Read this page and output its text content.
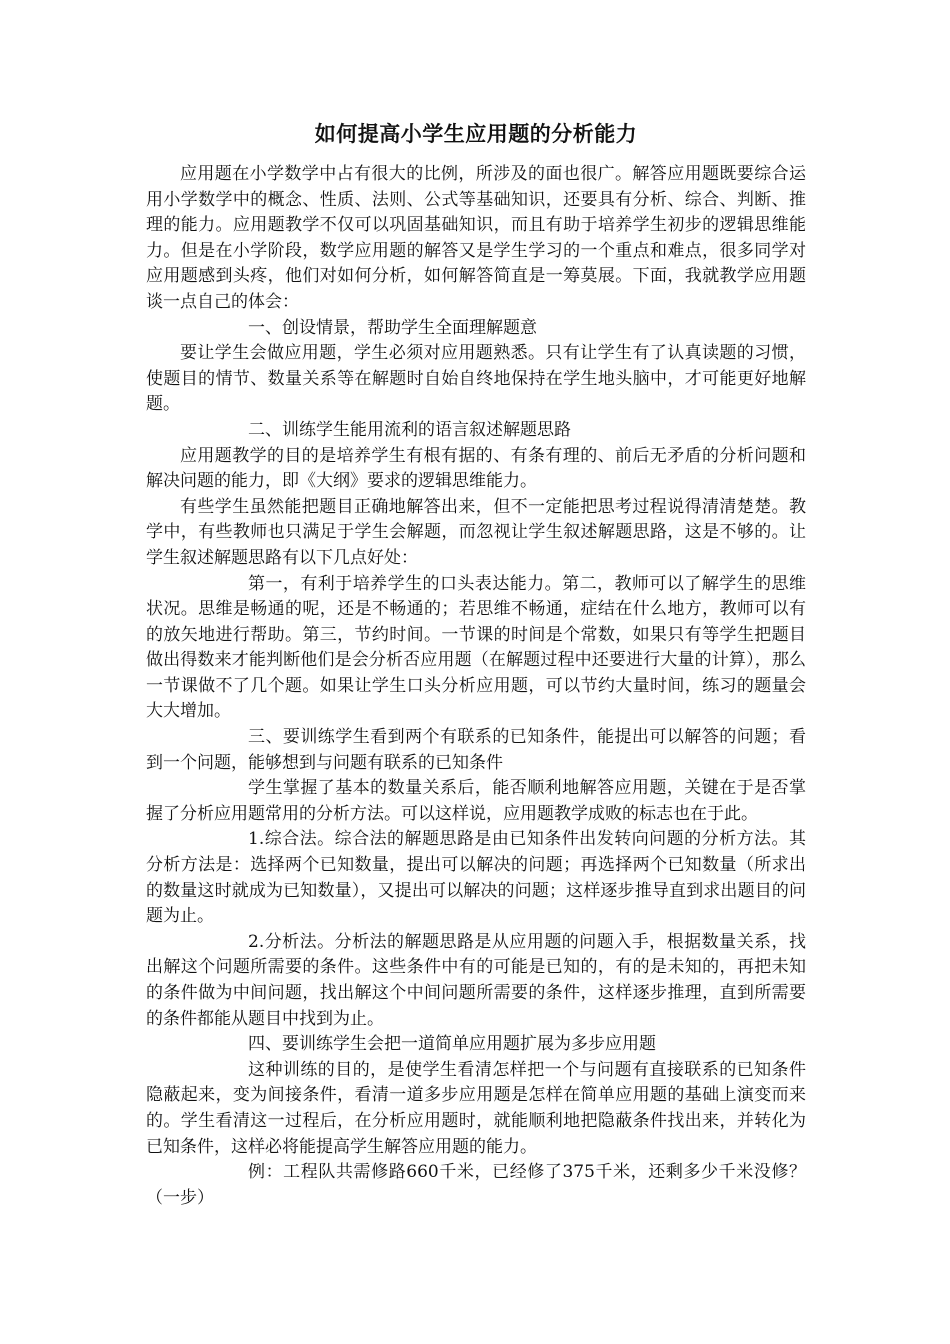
如何提高小学生应用题的分析能力

应用题在小学数学中占有很大的比例，所涉及的面也很广。解答应用题既要综合运用小学数学中的概念、性质、法则、公式等基础知识，还要具有分析、综合、判断、推理的能力。应用题教学不仅可以巩固基础知识，而且有助于培养学生初步的逻辑思维能力。但是在小学阶段，数学应用题的解答又是学生学习的一个重点和难点，很多同学对应用题感到头疼，他们对如何分析，如何解答简直是一筹莫展。下面，我就教学应用题谈一点自己的体会：

一、创设情景，帮助学生全面理解题意

要让学生会做应用题，学生必须对应用题熟悉。只有让学生有了认真读题的习惯，使题目的情节、数量关系等在解题时自始自终地保持在学生地头脑中，才可能更好地解题。

二、训练学生能用流利的语言叙述解题思路

应用题教学的目的是培养学生有根有据的、有条有理的、前后无矛盾的分析问题和解决问题的能力，即《大纲》要求的逻辑思维能力。

有些学生虽然能把题目正确地解答出来，但不一定能把思考过程说得清清楚楚。教学中，有些教师也只满足于学生会解题，而忽视让学生叙述解题思路，这是不够的。让学生叙述解题思路有以下几点好处：

第一，有利于培养学生的口头表达能力。第二，教师可以了解学生的思维状况。思维是畅通的呢，还是不畅通的；若思维不畅通，症结在什么地方，教师可以有的放矢地进行帮助。第三，节约时间。一节课的时间是个常数，如果只有等学生把题目做出得数来才能判断他们是会分析否应用题（在解题过程中还要进行大量的计算），那么一节课做不了几个题。如果让学生口头分析应用题，可以节约大量时间，练习的题量会大大增加。

三、要训练学生看到两个有联系的已知条件，能提出可以解答的问题；看到一个问题，能够想到与问题有联系的已知条件

学生掌握了基本的数量关系后，能否顺利地解答应用题，关键在于是否掌握了分析应用题常用的分析方法。可以这样说，应用题教学成败的标志也在于此。

1.综合法。综合法的解题思路是由已知条件出发转向问题的分析方法。其分析方法是：选择两个已知数量，提出可以解决的问题；再选择两个已知数量（所求出的数量这时就成为已知数量），又提出可以解决的问题；这样逐步推导直到求出题目的问题为止。

2.分析法。分析法的解题思路是从应用题的问题入手，根据数量关系，找出解这个问题所需要的条件。这些条件中有的可能是已知的，有的是未知的，再把未知的条件做为中间问题，找出解这个中间问题所需要的条件，这样逐步推理，直到所需要的条件都能从题目中找到为止。

四、要训练学生会把一道简单应用题扩展为多步应用题

这种训练的目的，是使学生看清怎样把一个与问题有直接联系的已知条件隐蔽起来，变为间接条件，看清一道多步应用题是怎样在简单应用题的基础上演变而来的。学生看清这一过程后，在分析应用题时，就能顺利地把隐蔽条件找出来，并转化为已知条件，这样必将能提高学生解答应用题的能力。

例：工程队共需修路660千米，已经修了375千米，还剩多少千米没修？（一步）
